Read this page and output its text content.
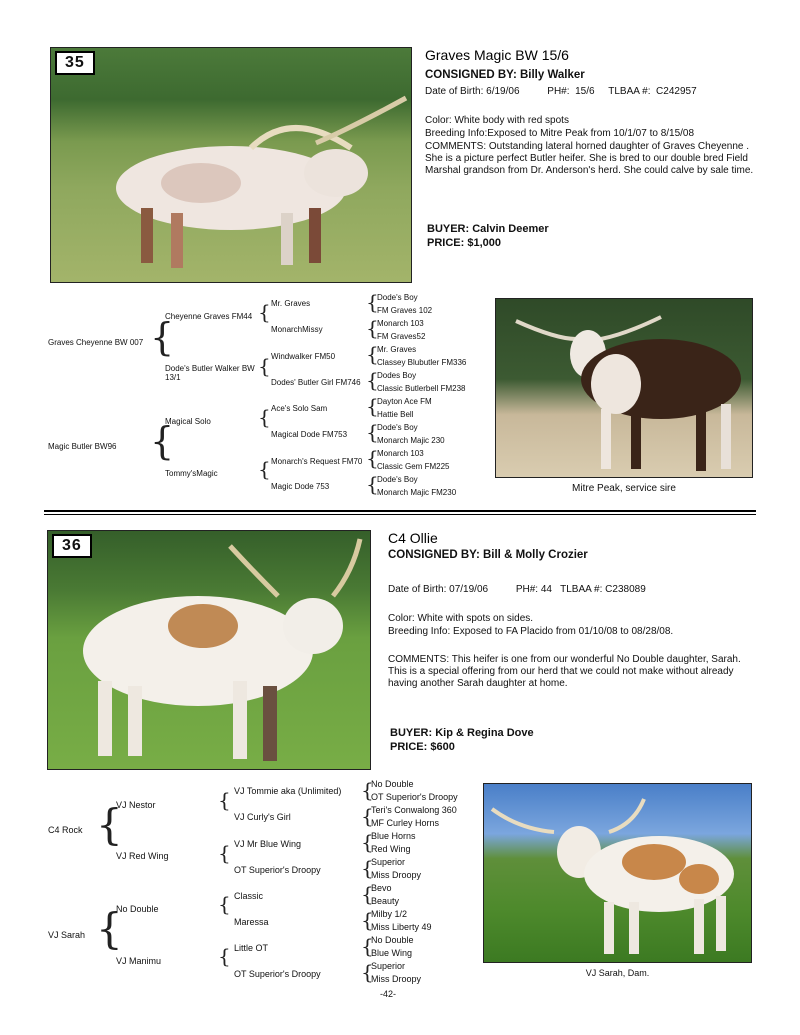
35	Graves Magic BW 15/6
CONSIGNED BY: Billy Walker
Date of Birth: 6/19/06          PH#:  15/6     TLBAA #:  C242957
Color: White body with red spots
Breeding Info:Exposed to Mitre Peak from 10/1/07 to 8/15/08
COMMENTS: Outstanding lateral horned daughter of Graves Cheyenne . She is a picture perfect Butler heifer. She is bred to our double bred Field Marshal grandson from Dr. Anderson's herd. She could calve by sale time.
BUYER: Calvin Deemer
PRICE: $1,000
Graves Cheyenne BW 007
Magic Butler BW96
{
{
Cheyenne Graves FM44
Dode's Butler Walker BW 13/1
Magical Solo
Tommy'sMagic
{
{
{
{
Mr. Graves
MonarchMissy
Windwalker FM50
Dodes' Butler Girl FM746
Ace's Solo Sam
Magical Dode FM753
Monarch's Request FM70
Magic Dode 753
{
{
{
{
{
{
{
{
Dode's Boy
FM Graves 102
Monarch 103
FM Graves52
Mr. Graves
Classey Blubutler FM336
Dodes Boy
Classic Butlerbell FM238
Dayton Ace FM
Hattie Bell
Dode's Boy
Monarch Majic 230
Monarch 103
Classic Gem FM225
Dode's Boy
Monarch Majic FM230	Mitre Peak, service sire
36	C4 Ollie
CONSIGNED BY: Bill & Molly Crozier
Date of Birth: 07/19/06          PH#: 44   TLBAA #: C238089
Color: White with spots on sides.
Breeding Info: Exposed to FA Placido from 01/10/08 to 08/28/08.
COMMENTS: This heifer is one from our wonderful No Double daughter, Sarah. This is a special offering from our herd that we could not make without already having another Sarah daughter at home.
BUYER: Kip & Regina Dove
PRICE: $600
C4 Rock
VJ Sarah
{
{
VJ Nestor
VJ Red Wing
No Double
VJ Manimu
{
{
{
{
VJ Tommie aka (Unlimited)
VJ Curly's Girl
VJ Mr Blue Wing
OT Superior's Droopy
Classic
Maressa
Little OT
OT Superior's Droopy
{
{
{
{
{
{
{
{
No Double
OT Superior's Droopy
Teri's Conwalong 360
MF Curley Horns
Blue Horns
Red Wing
Superior
Miss Droopy
Bevo
Beauty
Milby 1/2
Miss Liberty 49
No Double
Blue Wing
Superior
Miss Droopy
VJ Sarah, Dam.
-42-
